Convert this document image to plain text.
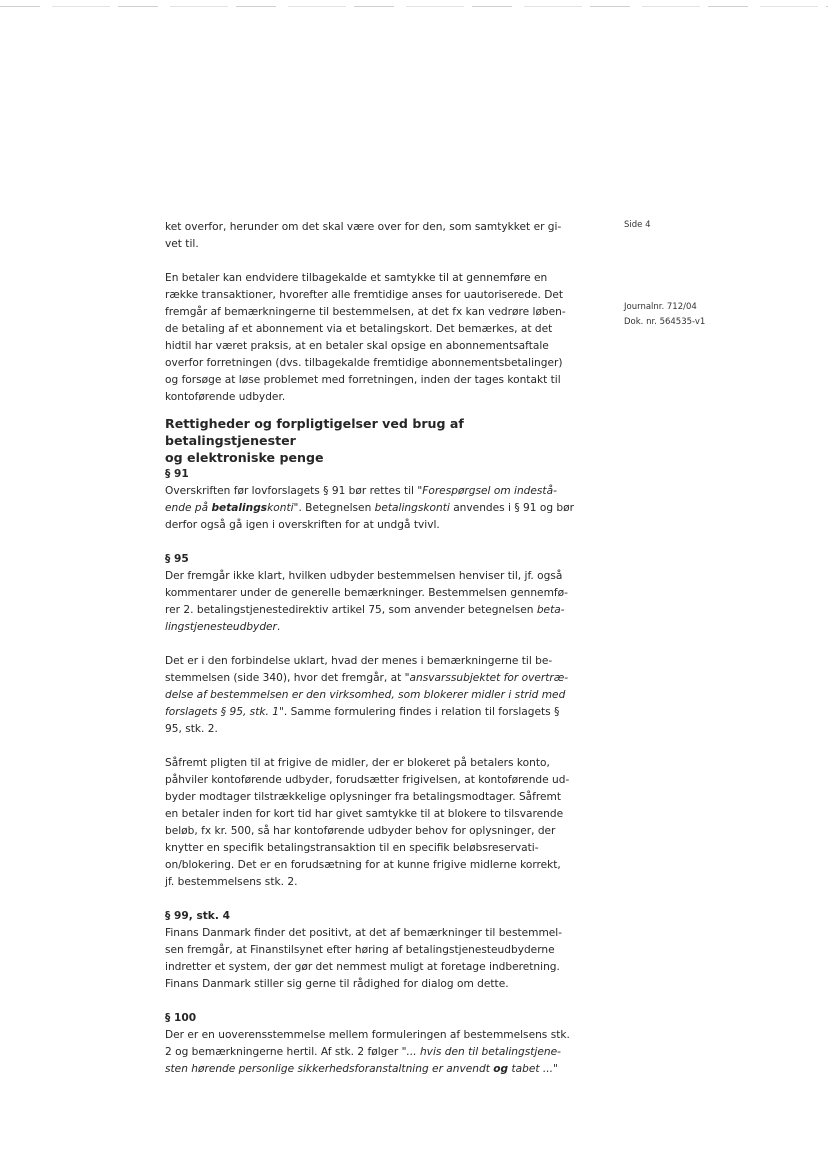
Side 4
Journalnr. 712/04
Dok. nr. 564535-v1

ket overfor, herunder om det skal være over for den, som samtykket er gi-
vet til.

En betaler kan endvidere tilbagekalde et samtykke til at gennemføre en
række transaktioner, hvorefter alle fremtidige anses for uautoriserede. Det
fremgår af bemærkningerne til bestemmelsen, at det fx kan vedrøre løben-
de betaling af et abonnement via et betalingskort. Det bemærkes, at det
hidtil har været praksis, at en betaler skal opsige en abonnementsaftale
overfor forretningen (dvs. tilbagekalde fremtidige abonnementsbetalinger)
og forsøge at løse problemet med forretningen, inden der tages kontakt til
kontoførende udbyder.

Rettigheder og forpligtigelser ved brug af betalingstjenester
og elektroniske penge

§ 91

Overskriften før lovforslagets § 91 bør rettes til "Forespørgsel om indestå-
ende på betalingskonti". Betegnelsen betalingskonti anvendes i § 91 og bør
derfor også gå igen i overskriften for at undgå tvivl.

§ 95

Der fremgår ikke klart, hvilken udbyder bestemmelsen henviser til, jf. også
kommentarer under de generelle bemærkninger. Bestemmelsen gennemfø-
rer 2. betalingstjenestedirektiv artikel 75, som anvender betegnelsen beta-
lingstjenesteudbyder.

Det er i den forbindelse uklart, hvad der menes i bemærkningerne til be-
stemmelsen (side 340), hvor det fremgår, at "ansvarssubjektet for overtræ-
delse af bestemmelsen er den virksomhed, som blokerer midler i strid med
forslagets § 95, stk. 1". Samme formulering findes i relation til forslagets §
95, stk. 2.

Såfremt pligten til at frigive de midler, der er blokeret på betalers konto,
påhviler kontoførende udbyder, forudsætter frigivelsen, at kontoførende ud-
byder modtager tilstrækkelige oplysninger fra betalingsmodtager. Såfremt
en betaler inden for kort tid har givet samtykke til at blokere to tilsvarende
beløb, fx kr. 500, så har kontoførende udbyder behov for oplysninger, der
knytter en specifik betalingstransaktion til en specifik beløbsreservati-
on/blokering. Det er en forudsætning for at kunne frigive midlerne korrekt,
jf. bestemmelsens stk. 2.

§ 99, stk. 4

Finans Danmark finder det positivt, at det af bemærkninger til bestemmel-
sen fremgår, at Finanstilsynet efter høring af betalingstjenesteudbyderne
indretter et system, der gør det nemmest muligt at foretage indberetning.
Finans Danmark stiller sig gerne til rådighed for dialog om dette.

§ 100

Der er en uoverensstemmelse mellem formuleringen af bestemmelsens stk.
2 og bemærkningerne hertil. Af stk. 2 følger "... hvis den til betalingstjene-
sten hørende personlige sikkerhedsforanstaltning er anvendt og tabet ..."
